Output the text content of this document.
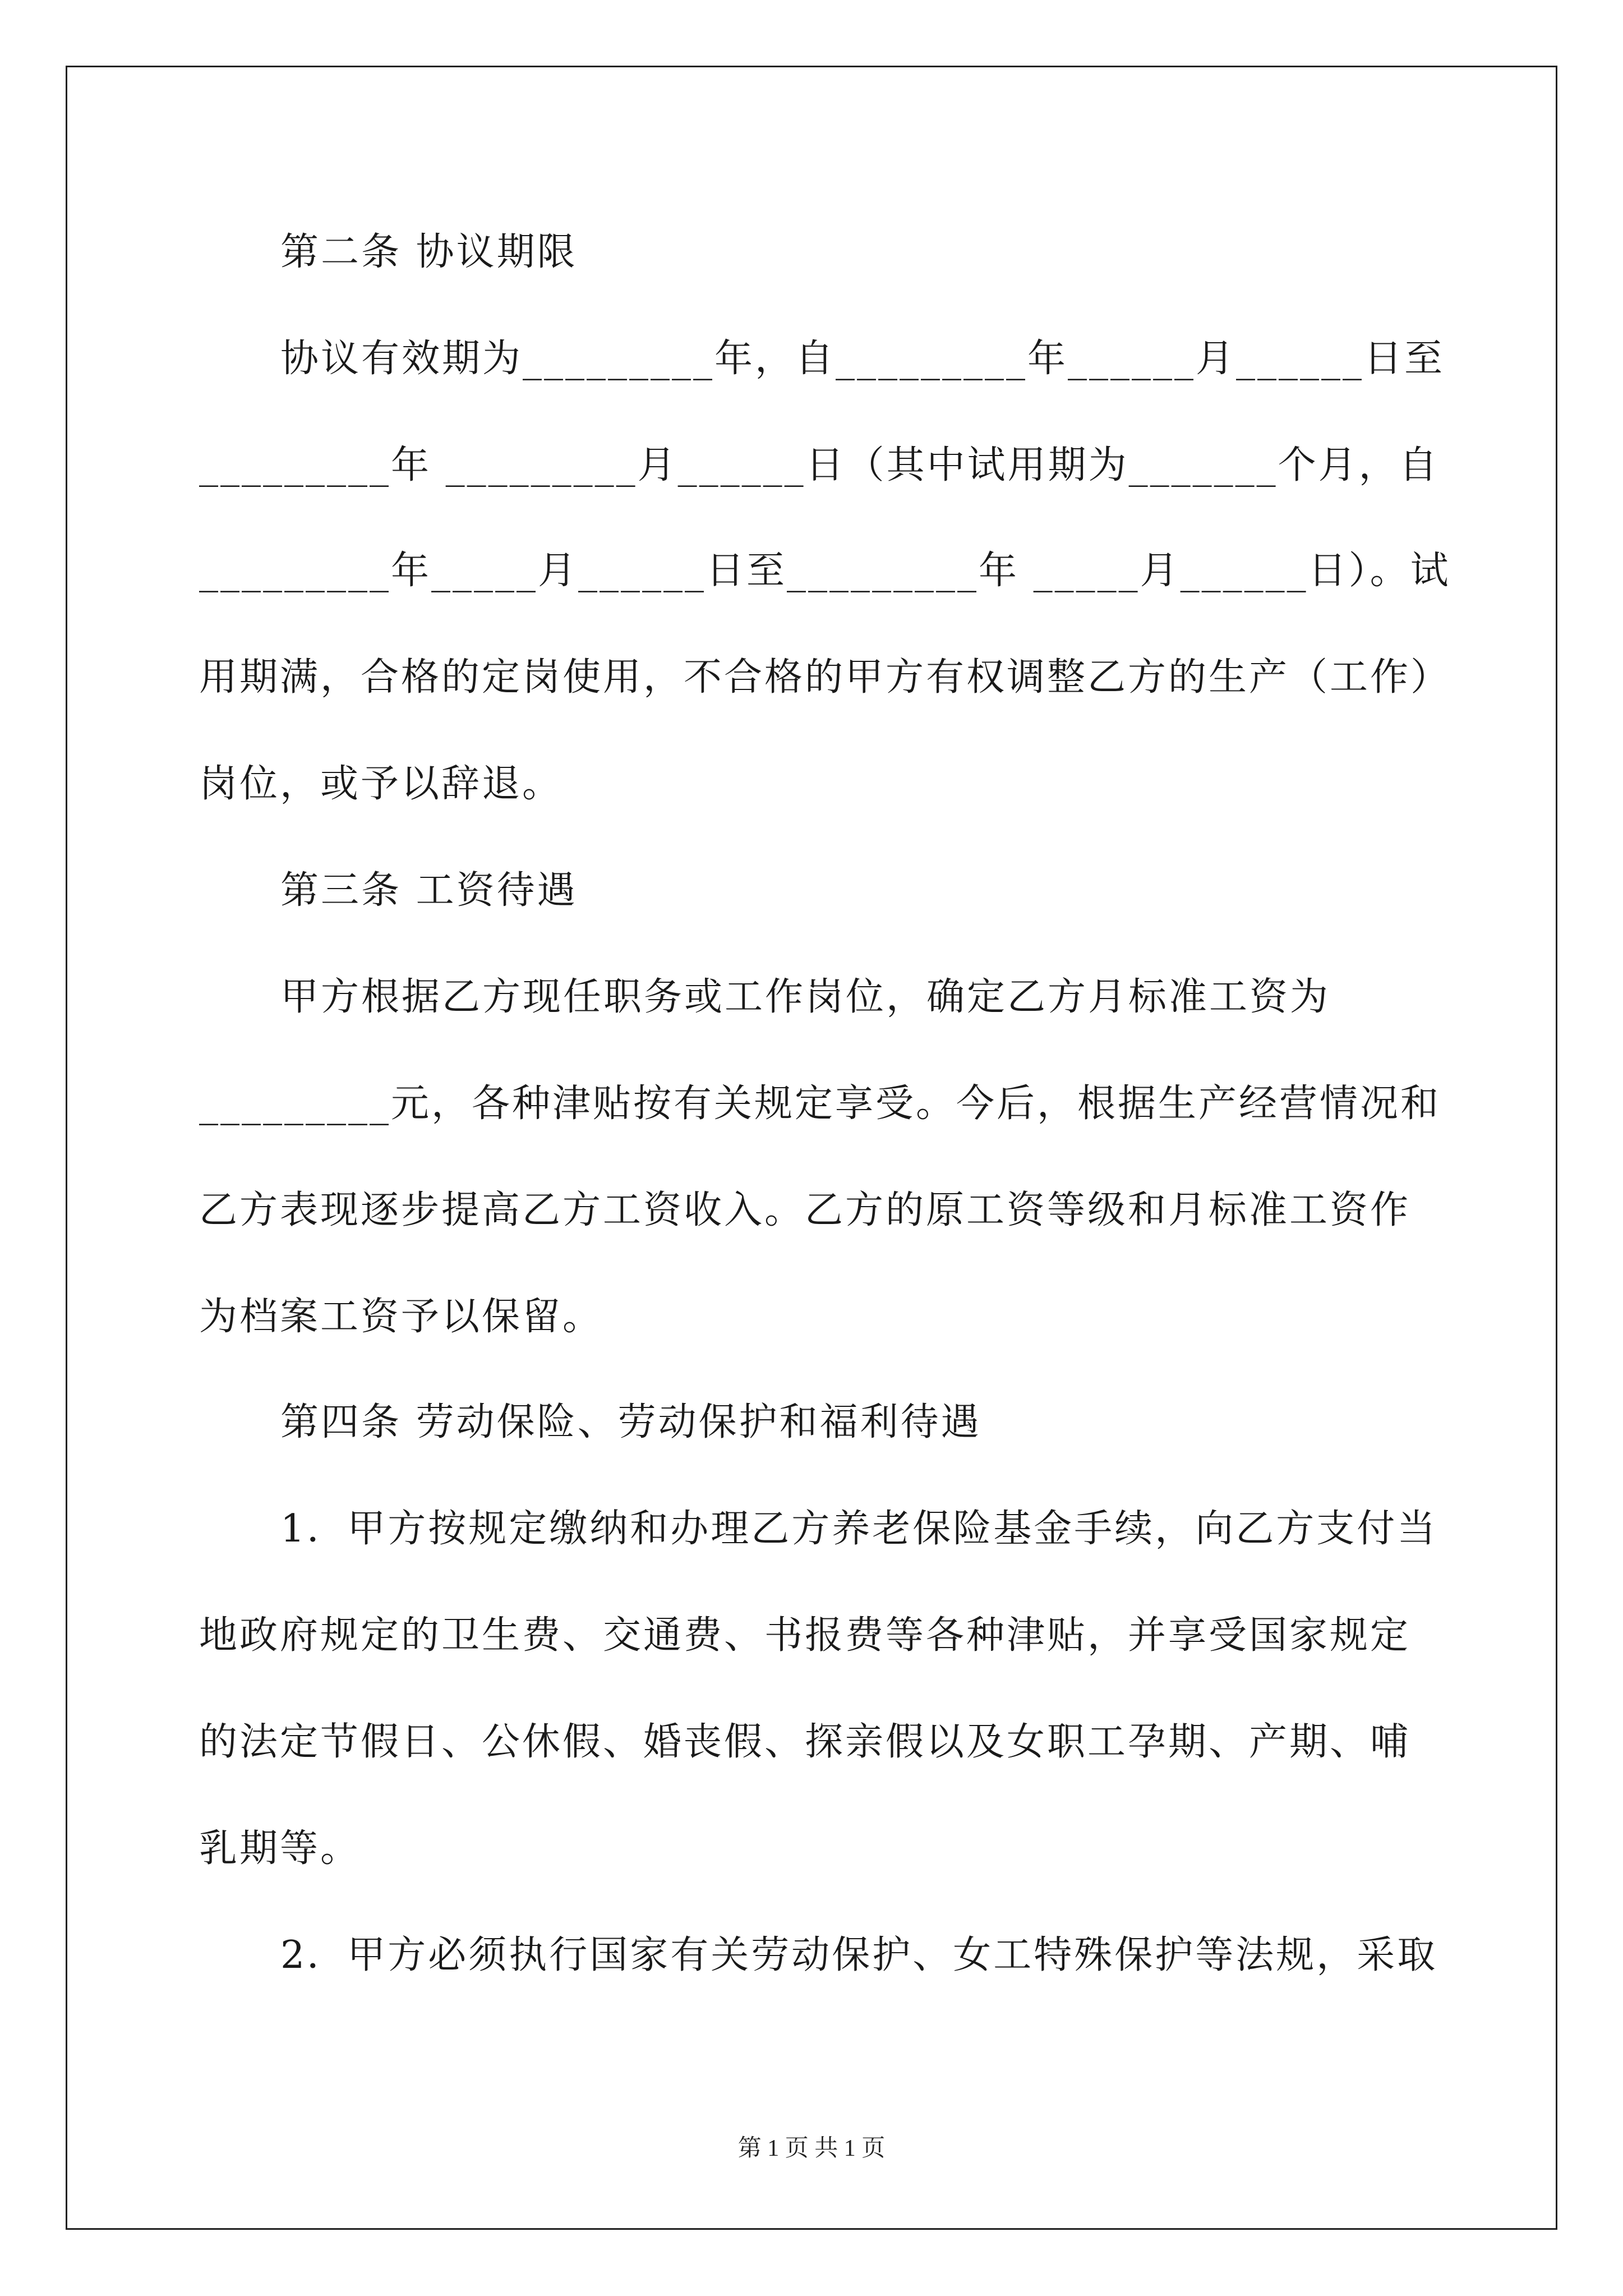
第二条 协议期限
协议有效期为_________年，自_________年______月______日至
_________年 _________月______日（其中试用期为_______个月，自
_________年_____月______日至_________年 _____月______日）。试
用期满，合格的定岗使用，不合格的甲方有权调整乙方的生产（工作）
岗位，或予以辞退。
第三条 工资待遇
甲方根据乙方现任职务或工作岗位，确定乙方月标准工资为
_________元，各种津贴按有关规定享受。今后，根据生产经营情况和
乙方表现逐步提高乙方工资收入。乙方的原工资等级和月标准工资作
为档案工资予以保留。
第四条 劳动保险、劳动保护和福利待遇
1．甲方按规定缴纳和办理乙方养老保险基金手续，向乙方支付当
地政府规定的卫生费、交通费、书报费等各种津贴，并享受国家规定
的法定节假日、公休假、婚丧假、探亲假以及女职工孕期、产期、哺
乳期等。
2．甲方必须执行国家有关劳动保护、女工特殊保护等法规，采取
第 1 页 共 1 页
